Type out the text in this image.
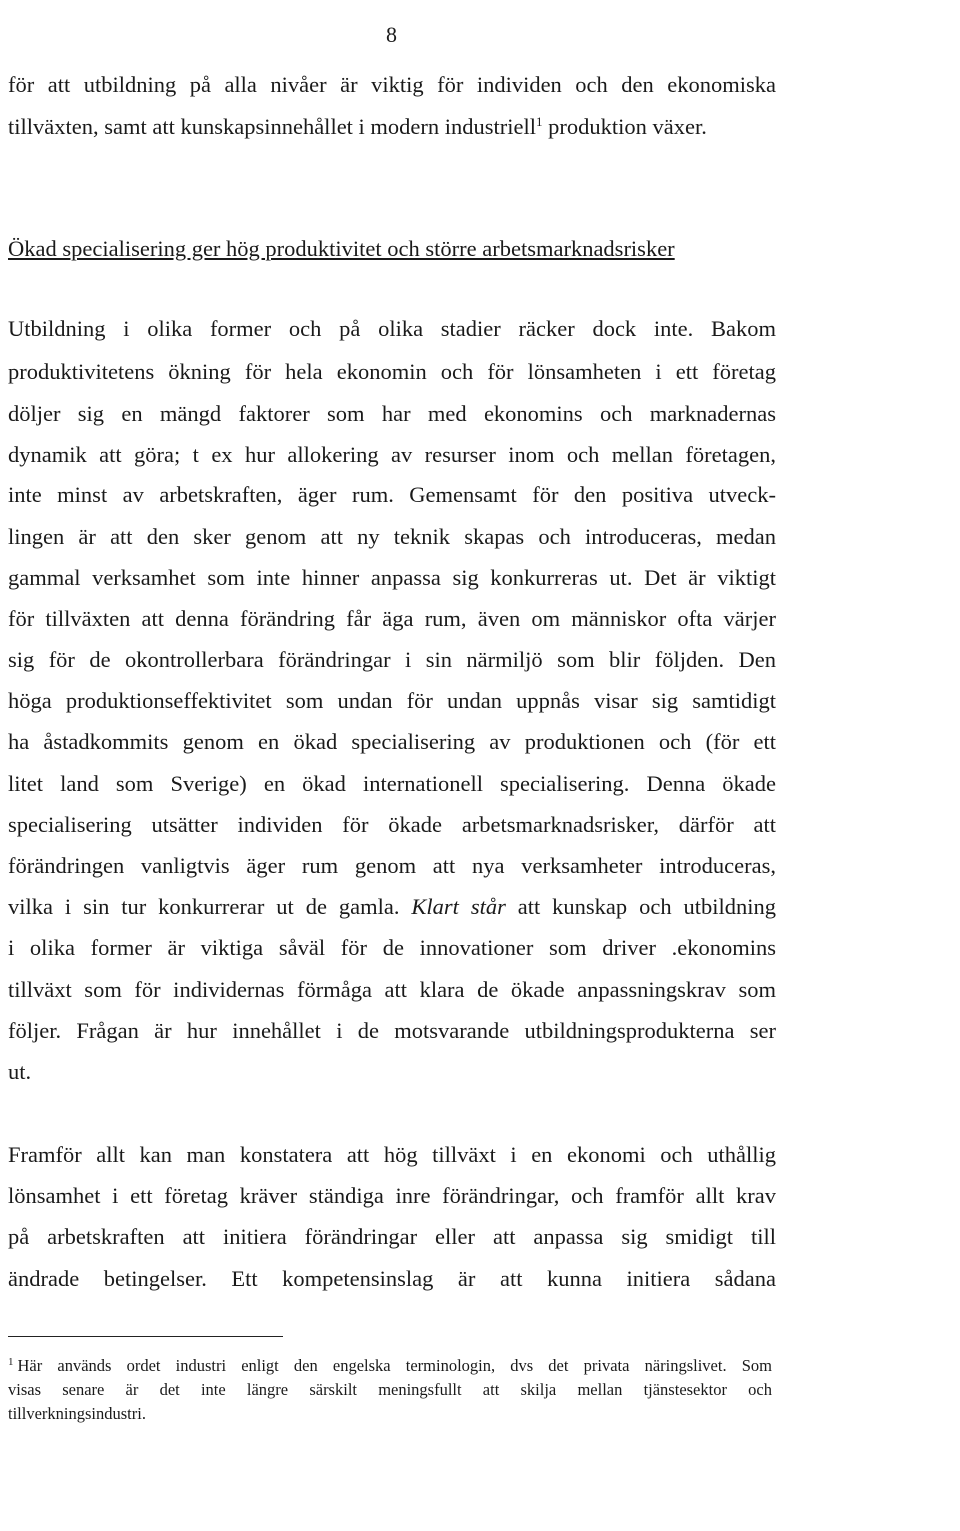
8
för att utbildning på alla nivåer är viktig för individen och den ekonomiska
tillväxten, samt att kunskapsinnehållet i modern industriell$^1$ produktion växer.
Ökad specialisering ger hög produktivitet och större arbetsmarknadsrisker
Utbildning i olika former och på olika stadier räcker dock inte. Bakom
produktivitetens ökning för hela ekonomin och för lönsamheten i ett företag
döljer sig en mängd faktorer som har med ekonomins och marknadernas
dynamik att göra; t ex hur allokering av resurser inom och mellan företagen,
inte minst av arbetskraften, äger rum. Gemensamt för den positiva utveck-
lingen är att den sker genom att ny teknik skapas och introduceras, medan
gammal verksamhet som inte hinner anpassa sig konkurreras ut. Det är viktigt
för tillväxten att denna förändring får äga rum, även om människor ofta värjer
sig för de okontrollerbara förändringar i sin närmiljö som blir följden. Den
höga produktionseffektivitet som undan för undan uppnås visar sig samtidigt
ha åstadkommits genom en ökad specialisering av produktionen och (för ett
litet land som Sverige) en ökad internationell specialisering. Denna ökade
specialisering utsätter individen för ökade arbetsmarknadsrisker, därför att
förändringen vanligtvis äger rum genom att nya verksamheter introduceras,
vilka i sin tur konkurrerar ut de gamla. Klart står att kunskap och utbildning
i olika former är viktiga såväl för de innovationer som driver .ekonomins
tillväxt som för individernas förmåga att klara de ökade anpassningskrav som
följer. Frågan är hur innehållet i de motsvarande utbildningsprodukterna ser
ut.
Framför allt kan man konstatera att hög tillväxt i en ekonomi och uthållig
lönsamhet i ett företag kräver ständiga inre förändringar, och framför allt krav
på arbetskraften att initiera förändringar eller att anpassa sig smidigt till
ändrade betingelser. Ett kompetensinslag är att kunna initiera sådana
$^1$ Här används ordet industri enligt den engelska terminologin, dvs det privata näringslivet. Som
visas senare är det inte längre särskilt meningsfullt att skilja mellan tjänstesektor och
tillverkningsindustri.
